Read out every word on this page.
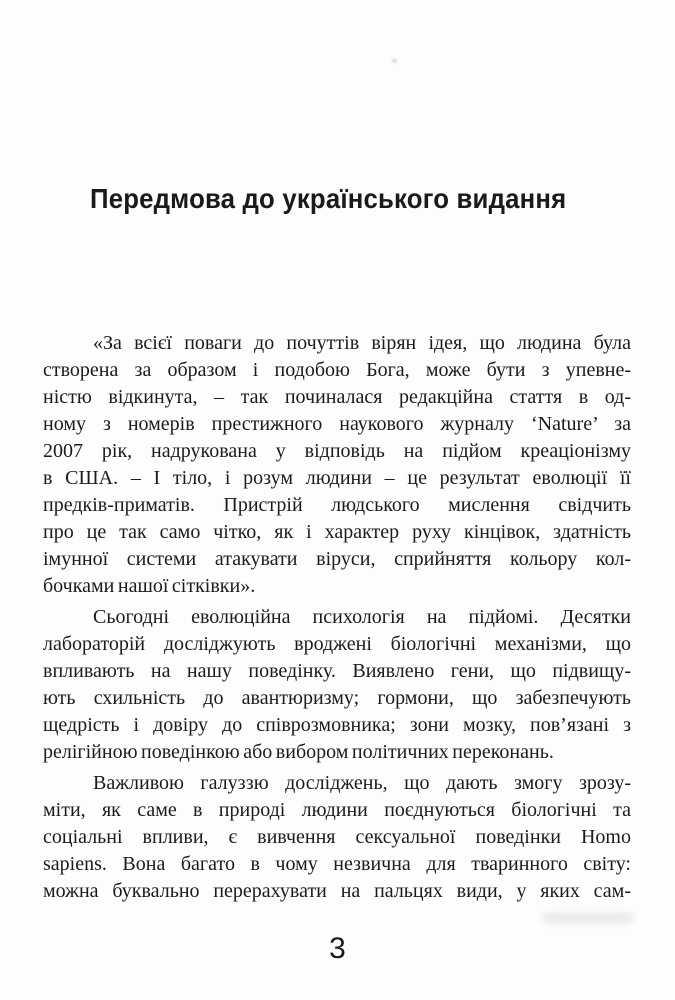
Передмова до українського видання
«За всієї поваги до почуттів вірян ідея, що людина була
створена за образом і подобою Бога, може бути з упевне-
ністю відкинута, – так починалася редакційна стаття в од-
ному з номерів престижного наукового журналу ‘Nature’ за
2007 рік, надрукована у відповідь на підйом креаціонізму
в США. – І тіло, і розум людини – це результат еволюції її
предків-приматів. Пристрій людського мислення свідчить
про це так само чітко, як і характер руху кінцівок, здатність
імунної системи атакувати віруси, сприйняття кольору кол-
бочками нашої сітківки».
Сьогодні еволюційна психологія на підйомі. Десятки
лабораторій досліджують вроджені біологічні механізми, що
впливають на нашу поведінку. Виявлено гени, що підвищу-
ють схильність до авантюризму; гормони, що забезпечують
щедрість і довіру до співрозмовника; зони мозку, пов’язані з
релігійною поведінкою або вибором політичних переконань.
Важливою галуззю досліджень, що дають змогу зрозу-
міти, як саме в природі людини поєднуються біологічні та
соціальні впливи, є вивчення сексуальної поведінки Homo
sapiens. Вона багато в чому незвична для тваринного світу:
можна буквально перерахувати на пальцях види, у яких сам-
3
